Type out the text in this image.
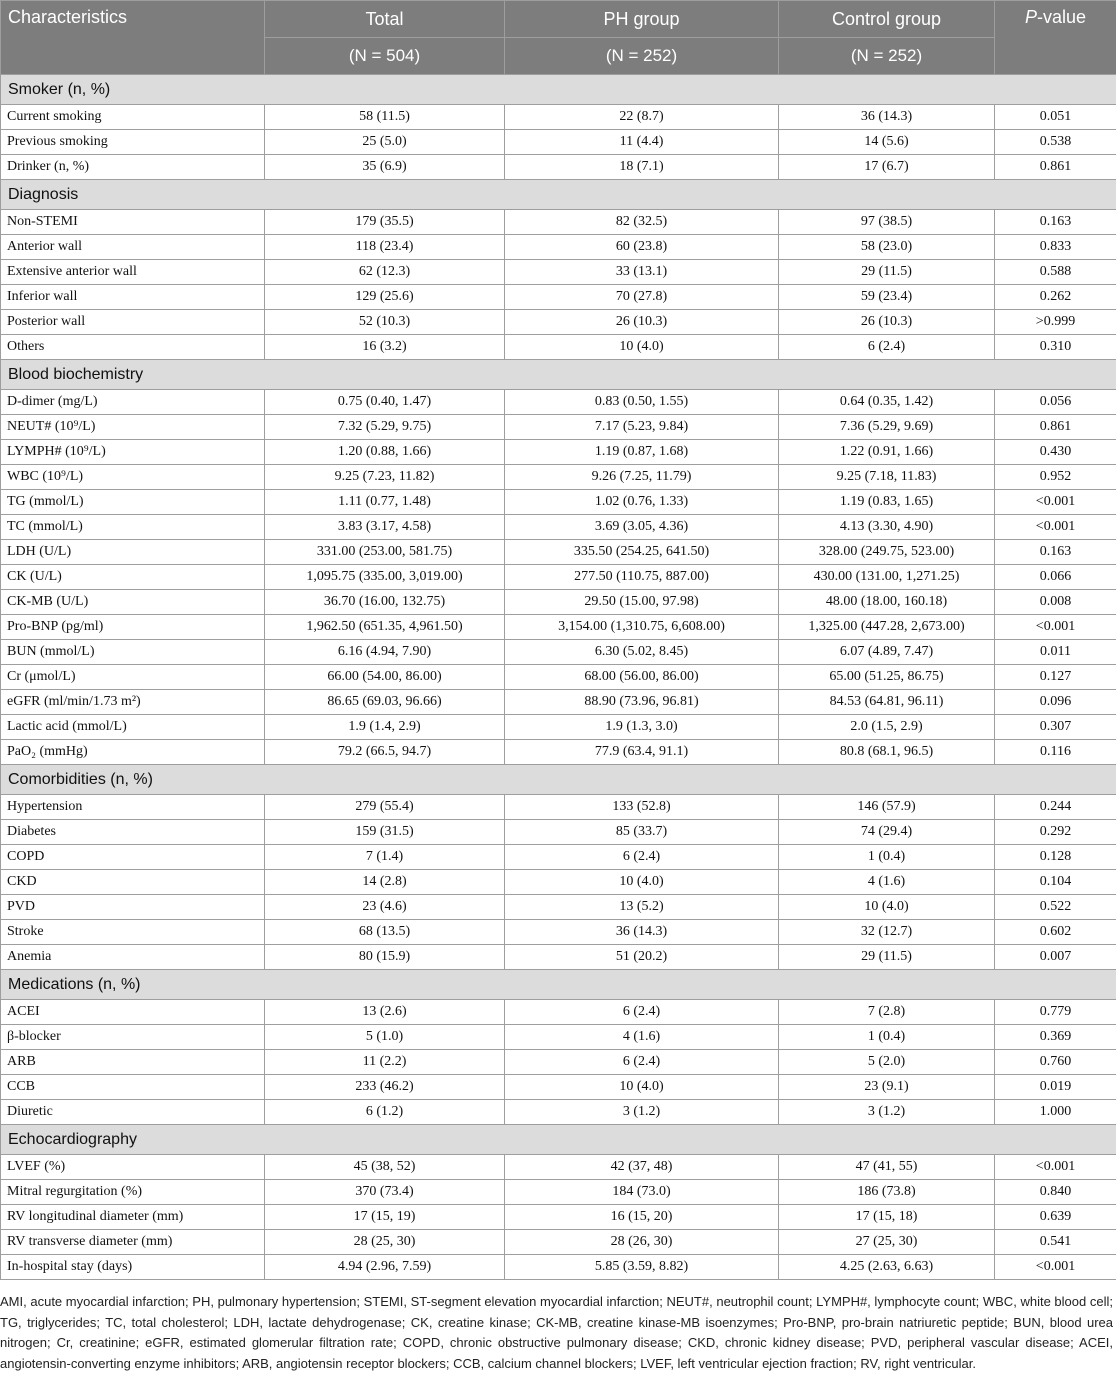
Characteristics	Total	PH group	Control group	P-value
	(N = 504)	(N = 252)	(N = 252)	
Smoker (n, %)				
Current smoking	58 (11.5)	22 (8.7)	36 (14.3)	0.051
Previous smoking	25 (5.0)	11 (4.4)	14 (5.6)	0.538
Drinker (n, %)	35 (6.9)	18 (7.1)	17 (6.7)	0.861
Diagnosis				
Non-STEMI	179 (35.5)	82 (32.5)	97 (38.5)	0.163
Anterior wall	118 (23.4)	60 (23.8)	58 (23.0)	0.833
Extensive anterior wall	62 (12.3)	33 (13.1)	29 (11.5)	0.588
Inferior wall	129 (25.6)	70 (27.8)	59 (23.4)	0.262
Posterior wall	52 (10.3)	26 (10.3)	26 (10.3)	>0.999
Others	16 (3.2)	10 (4.0)	6 (2.4)	0.310
Blood biochemistry				
D-dimer (mg/L)	0.75 (0.40, 1.47)	0.83 (0.50, 1.55)	0.64 (0.35, 1.42)	0.056
NEUT# (10⁹/L)	7.32 (5.29, 9.75)	7.17 (5.23, 9.84)	7.36 (5.29, 9.69)	0.861
LYMPH# (10⁹/L)	1.20 (0.88, 1.66)	1.19 (0.87, 1.68)	1.22 (0.91, 1.66)	0.430
WBC (10⁹/L)	9.25 (7.23, 11.82)	9.26 (7.25, 11.79)	9.25 (7.18, 11.83)	0.952
TG (mmol/L)	1.11 (0.77, 1.48)	1.02 (0.76, 1.33)	1.19 (0.83, 1.65)	<0.001
TC (mmol/L)	3.83 (3.17, 4.58)	3.69 (3.05, 4.36)	4.13 (3.30, 4.90)	<0.001
LDH (U/L)	331.00 (253.00, 581.75)	335.50 (254.25, 641.50)	328.00 (249.75, 523.00)	0.163
CK (U/L)	1,095.75 (335.00, 3,019.00)	277.50 (110.75, 887.00)	430.00 (131.00, 1,271.25)	0.066
CK-MB (U/L)	36.70 (16.00, 132.75)	29.50 (15.00, 97.98)	48.00 (18.00, 160.18)	0.008
Pro-BNP (pg/ml)	1,962.50 (651.35, 4,961.50)	3,154.00 (1,310.75, 6,608.00)	1,325.00 (447.28, 2,673.00)	<0.001
BUN (mmol/L)	6.16 (4.94, 7.90)	6.30 (5.02, 8.45)	6.07 (4.89, 7.47)	0.011
Cr (μmol/L)	66.00 (54.00, 86.00)	68.00 (56.00, 86.00)	65.00 (51.25, 86.75)	0.127
eGFR (ml/min/1.73 m²)	86.65 (69.03, 96.66)	88.90 (73.96, 96.81)	84.53 (64.81, 96.11)	0.096
Lactic acid (mmol/L)	1.9 (1.4, 2.9)	1.9 (1.3, 3.0)	2.0 (1.5, 2.9)	0.307
PaO₂ (mmHg)	79.2 (66.5, 94.7)	77.9 (63.4, 91.1)	80.8 (68.1, 96.5)	0.116
Comorbidities (n, %)				
Hypertension	279 (55.4)	133 (52.8)	146 (57.9)	0.244
Diabetes	159 (31.5)	85 (33.7)	74 (29.4)	0.292
COPD	7 (1.4)	6 (2.4)	1 (0.4)	0.128
CKD	14 (2.8)	10 (4.0)	4 (1.6)	0.104
PVD	23 (4.6)	13 (5.2)	10 (4.0)	0.522
Stroke	68 (13.5)	36 (14.3)	32 (12.7)	0.602
Anemia	80 (15.9)	51 (20.2)	29 (11.5)	0.007
Medications (n, %)				
ACEI	13 (2.6)	6 (2.4)	7 (2.8)	0.779
β-blocker	5 (1.0)	4 (1.6)	1 (0.4)	0.369
ARB	11 (2.2)	6 (2.4)	5 (2.0)	0.760
CCB	233 (46.2)	10 (4.0)	23 (9.1)	0.019
Diuretic	6 (1.2)	3 (1.2)	3 (1.2)	1.000
Echocardiography				
LVEF (%)	45 (38, 52)	42 (37, 48)	47 (41, 55)	<0.001
Mitral regurgitation (%)	370 (73.4)	184 (73.0)	186 (73.8)	0.840
RV longitudinal diameter (mm)	17 (15, 19)	16 (15, 20)	17 (15, 18)	0.639
RV transverse diameter (mm)	28 (25, 30)	28 (26, 30)	27 (25, 30)	0.541
In-hospital stay (days)	4.94 (2.96, 7.59)	5.85 (3.59, 8.82)	4.25 (2.63, 6.63)	<0.001
AMI, acute myocardial infarction; PH, pulmonary hypertension; STEMI, ST-segment elevation myocardial infarction; NEUT#, neutrophil count; LYMPH#, lymphocyte count; WBC, white blood cell; TG, triglycerides; TC, total cholesterol; LDH, lactate dehydrogenase; CK, creatine kinase; CK-MB, creatine kinase-MB isoenzymes; Pro-BNP, pro-brain natriuretic peptide; BUN, blood urea nitrogen; Cr, creatinine; eGFR, estimated glomerular filtration rate; COPD, chronic obstructive pulmonary disease; CKD, chronic kidney disease; PVD, peripheral vascular disease; ACEI, angiotensin-converting enzyme inhibitors; ARB, angiotensin receptor blockers; CCB, calcium channel blockers; LVEF, left ventricular ejection fraction; RV, right ventricular.
